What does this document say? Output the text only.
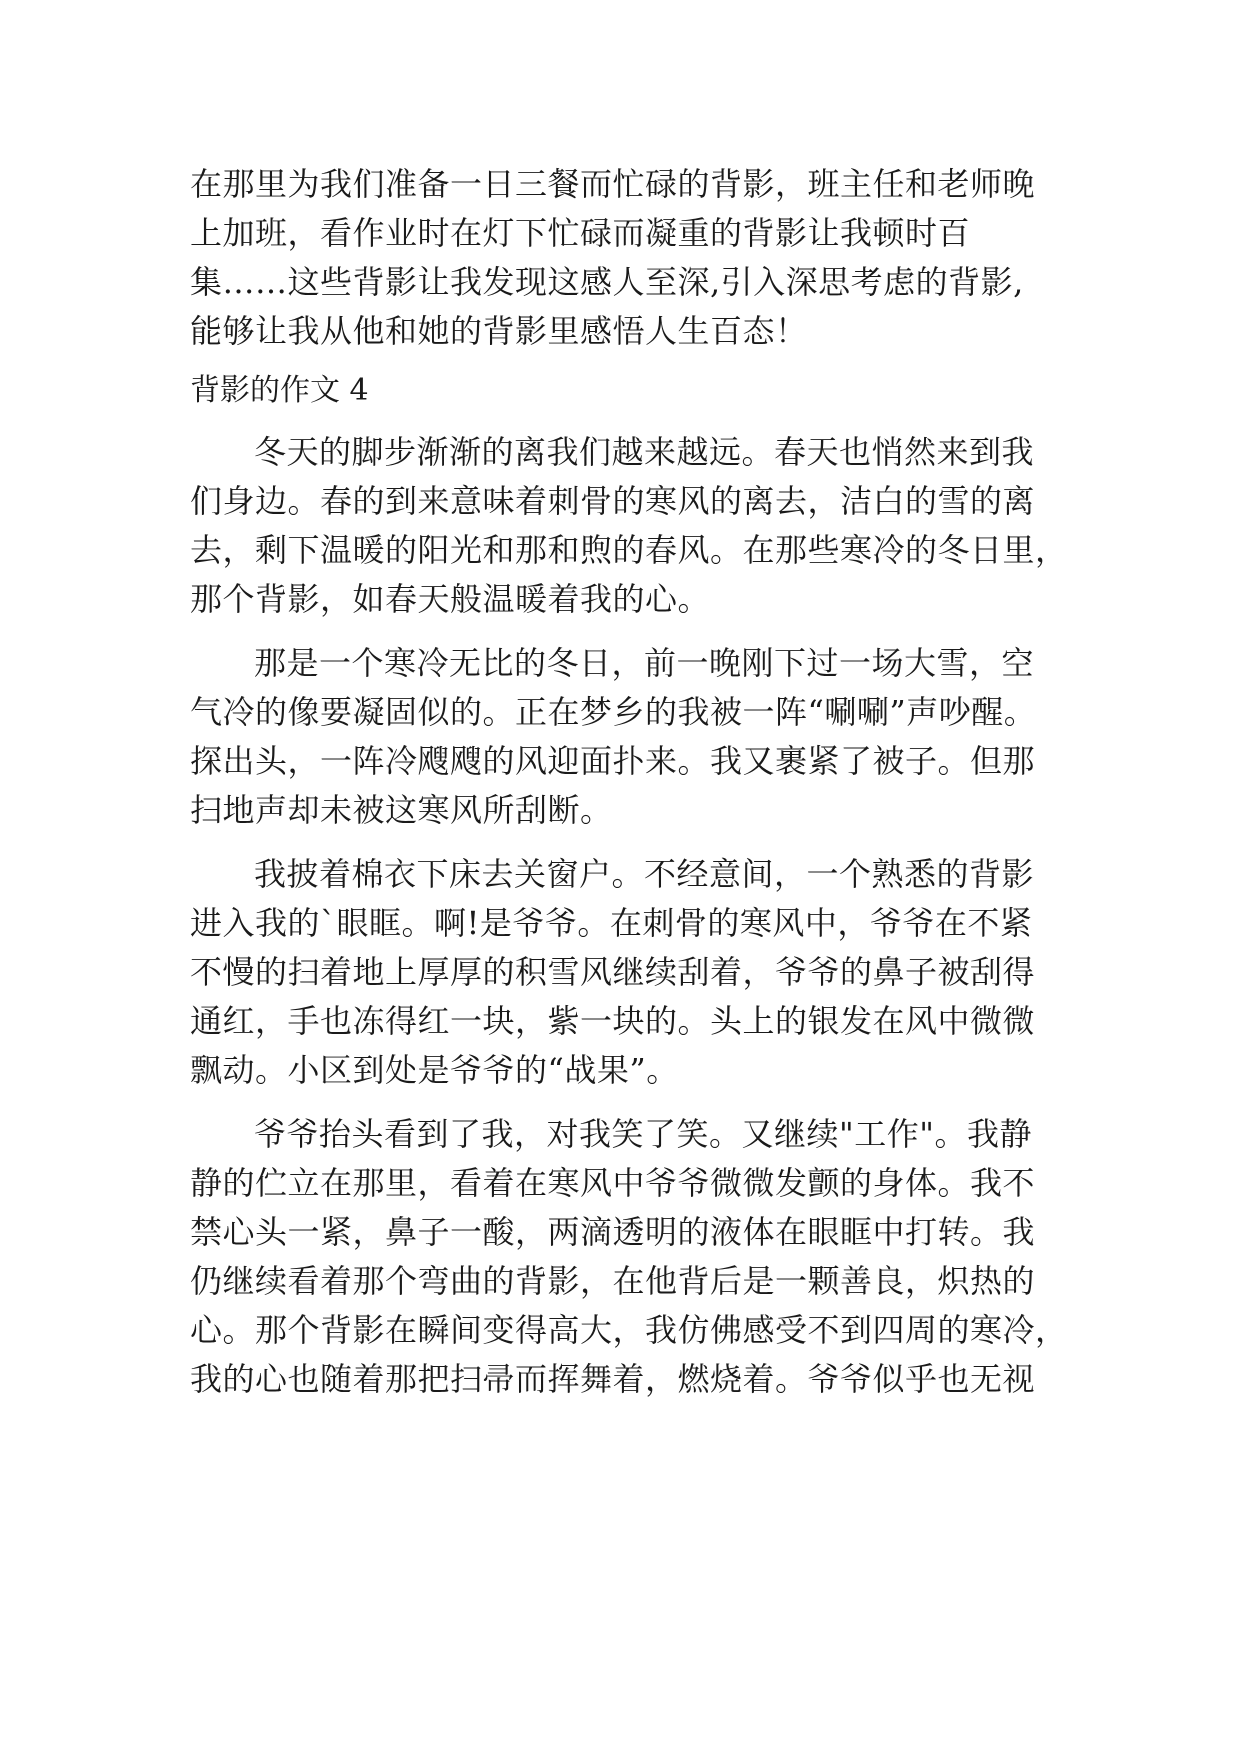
在那里为我们准备一日三餐而忙碌的背影，班主任和老师晚
上加班，看作业时在灯下忙碌而凝重的背影让我顿时百
集……这些背影让我发现这感人至深,引入深思考虑的背影,
能够让我从他和她的背影里感悟人生百态！
背影的作文 4
冬天的脚步渐渐的离我们越来越远。春天也悄然来到我
们身边。春的到来意味着刺骨的寒风的离去，洁白的雪的离
去，剩下温暖的阳光和那和煦的春风。在那些寒冷的冬日里，
那个背影，如春天般温暖着我的心。
那是一个寒冷无比的冬日，前一晚刚下过一场大雪，空
气冷的像要凝固似的。正在梦乡的我被一阵“唰唰”声吵醒。
探出头，一阵冷飕飕的风迎面扑来。我又裹紧了被子。但那
扫地声却未被这寒风所刮断。
我披着棉衣下床去关窗户。不经意间，一个熟悉的背影
进入我的`眼眶。啊!是爷爷。在刺骨的寒风中，爷爷在不紧
不慢的扫着地上厚厚的积雪风继续刮着，爷爷的鼻子被刮得
通红，手也冻得红一块，紫一块的。头上的银发在风中微微
飘动。小区到处是爷爷的“战果”。
爷爷抬头看到了我，对我笑了笑。又继续"工作"。我静
静的伫立在那里，看着在寒风中爷爷微微发颤的身体。我不
禁心头一紧，鼻子一酸，两滴透明的液体在眼眶中打转。我
仍继续看着那个弯曲的背影，在他背后是一颗善良，炽热的
心。那个背影在瞬间变得高大，我仿佛感受不到四周的寒冷，
我的心也随着那把扫帚而挥舞着，燃烧着。爷爷似乎也无视
